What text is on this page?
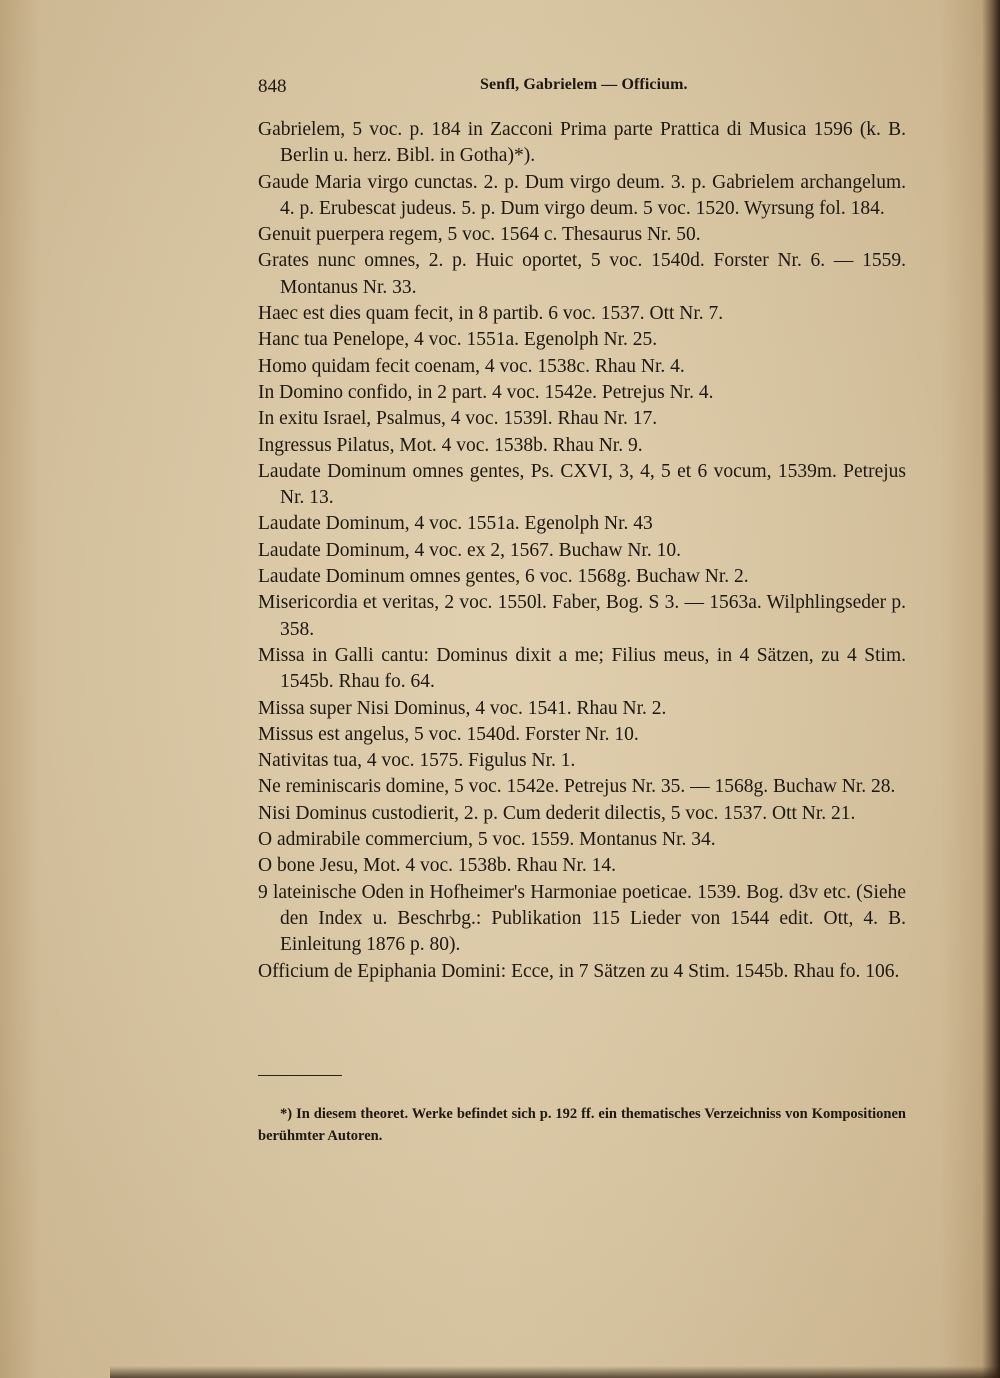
848	Senfl, Gabrielem — Officium.
Gabrielem, 5 voc. p. 184 in Zacconi Prima parte Prattica di Musica 1596 (k. B. Berlin u. herz. Bibl. in Gotha)*).
Gaude Maria virgo cunctas. 2. p. Dum virgo deum. 3. p. Gabrielem archangelum. 4. p. Erubescat judeus. 5. p. Dum virgo deum. 5 voc. 1520. Wyrsung fol. 184.
Genuit puerpera regem, 5 voc. 1564 c. Thesaurus Nr. 50.
Grates nunc omnes, 2. p. Huic oportet, 5 voc. 1540d. Forster Nr. 6. — 1559. Montanus Nr. 33.
Haec est dies quam fecit, in 8 partib. 6 voc. 1537. Ott Nr. 7.
Hanc tua Penelope, 4 voc. 1551a. Egenolph Nr. 25.
Homo quidam fecit coenam, 4 voc. 1538c. Rhau Nr. 4.
In Domino confido, in 2 part. 4 voc. 1542e. Petrejus Nr. 4.
In exitu Israel, Psalmus, 4 voc. 1539l. Rhau Nr. 17.
Ingressus Pilatus, Mot. 4 voc. 1538b. Rhau Nr. 9.
Laudate Dominum omnes gentes, Ps. CXVI, 3, 4, 5 et 6 vocum, 1539m. Petrejus Nr. 13.
Laudate Dominum, 4 voc. 1551a. Egenolph Nr. 43
Laudate Dominum, 4 voc. ex 2, 1567. Buchaw Nr. 10.
Laudate Dominum omnes gentes, 6 voc. 1568g. Buchaw Nr. 2.
Misericordia et veritas, 2 voc. 1550l. Faber, Bog. S 3. — 1563a. Wilphlingseder p. 358.
Missa in Galli cantu: Dominus dixit a me; Filius meus, in 4 Sätzen, zu 4 Stim. 1545b. Rhau fo. 64.
Missa super Nisi Dominus, 4 voc. 1541. Rhau Nr. 2.
Missus est angelus, 5 voc. 1540d. Forster Nr. 10.
Nativitas tua, 4 voc. 1575. Figulus Nr. 1.
Ne reminiscaris domine, 5 voc. 1542e. Petrejus Nr. 35. — 1568g. Buchaw Nr. 28.
Nisi Dominus custodierit, 2. p. Cum dederit dilectis, 5 voc. 1537. Ott Nr. 21.
O admirabile commercium, 5 voc. 1559. Montanus Nr. 34.
O bone Jesu, Mot. 4 voc. 1538b. Rhau Nr. 14.
9 lateinische Oden in Hofheimer's Harmoniae poeticae. 1539. Bog. d3v etc. (Siehe den Index u. Beschrbg.: Publikation 115 Lieder von 1544 edit. Ott, 4. B. Einleitung 1876 p. 80).
Officium de Epiphania Domini: Ecce, in 7 Sätzen zu 4 Stim. 1545b. Rhau fo. 106.

*) In diesem theoret. Werke befindet sich p. 192 ff. ein thematisches Verzeichniss von Kompositionen berühmter Autoren.
